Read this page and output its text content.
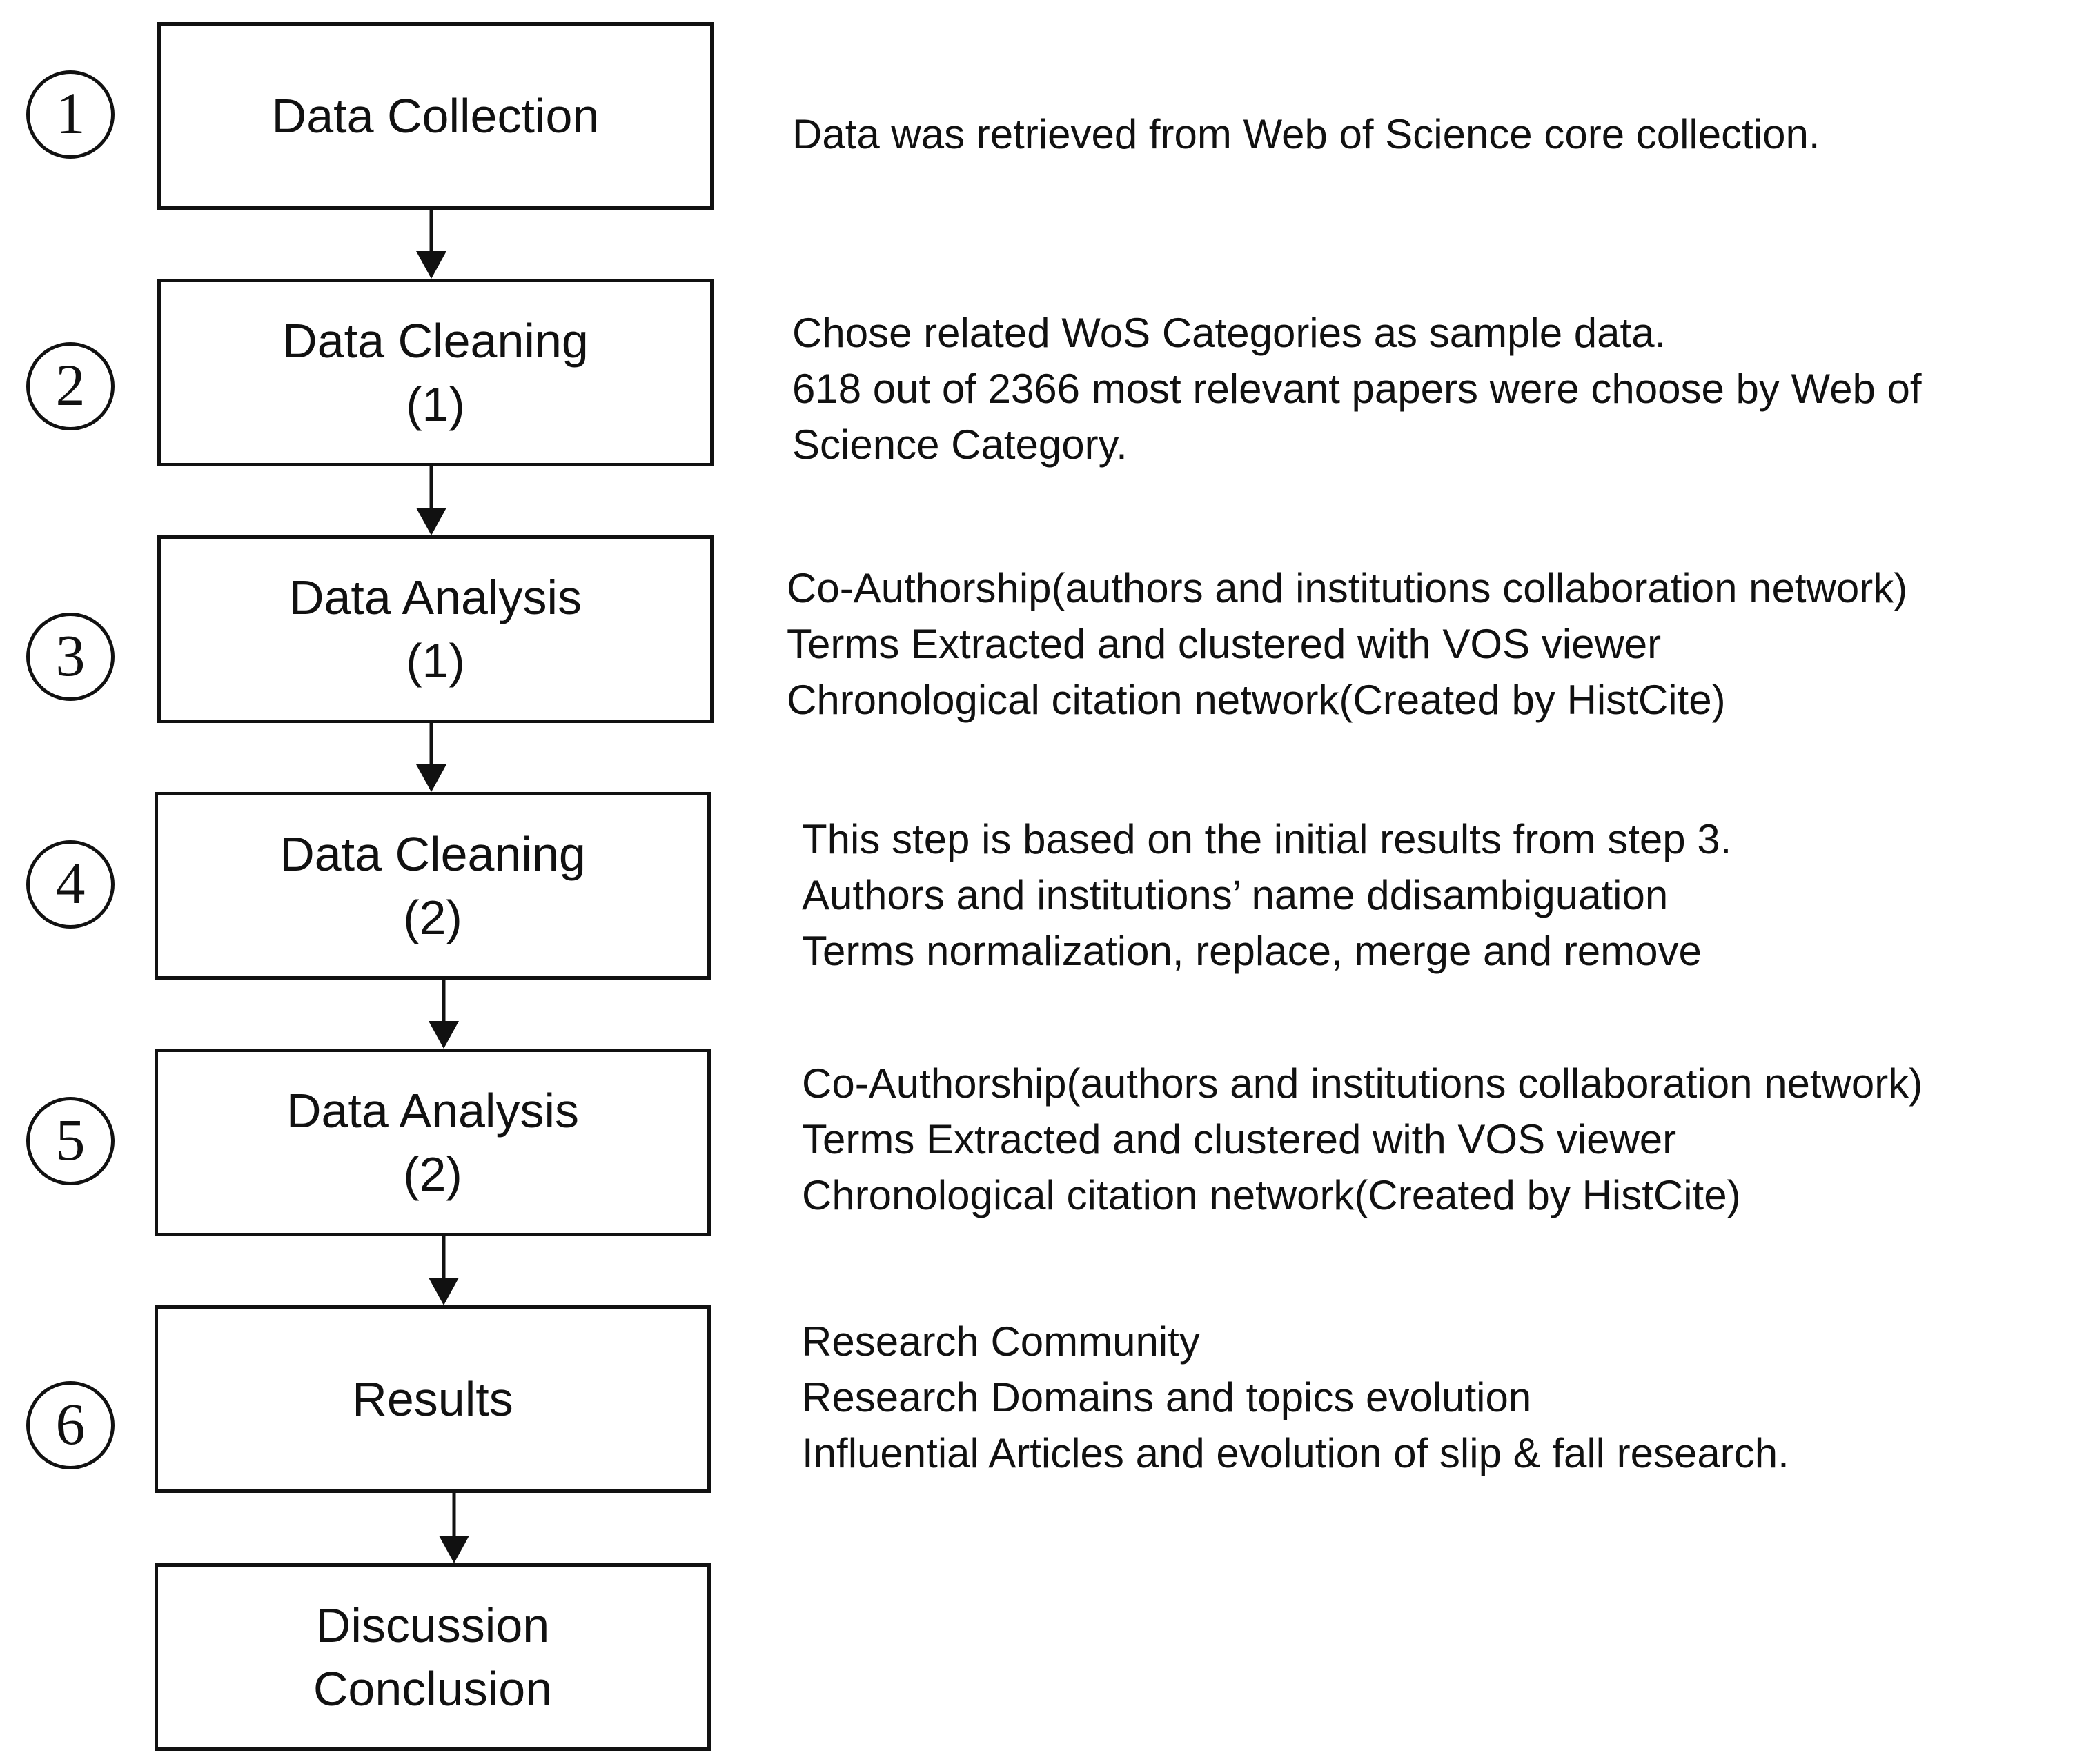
1	Data Collection	Data was retrieved from Web of Science core collection.
2
Data Cleaning
(1)
Chose related WoS Categories as sample data.
618 out of 2366 most relevant papers were choose by Web of
Science Category.
3
Data Analysis
(1)
Co-Authorship(authors and institutions collaboration network)
Terms Extracted and clustered with VOS viewer
Chronological citation network(Created by HistCite)
4	Data Cleaning
(2)
This step is based on the initial results from step 3.
Authors and institutions’ name ddisambiguation
Terms normalization, replace, merge and remove
5	Data Analysis
(2)
Co-Authorship(authors and institutions collaboration network)
Terms Extracted and clustered with VOS viewer
Chronological citation network(Created by HistCite)
6	Results
Research Community
Research Domains and topics evolution
Influential Articles and evolution of slip & fall research.
Discussion
Conclusion
